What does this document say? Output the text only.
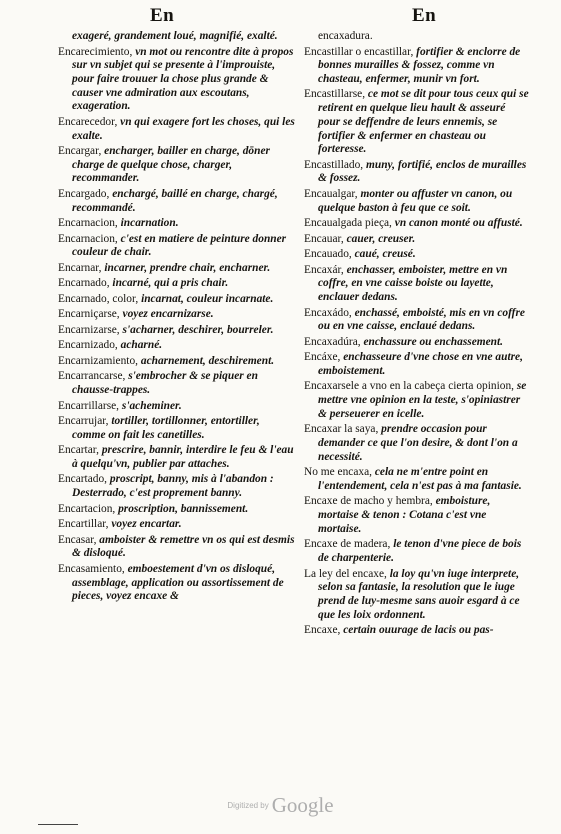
En	En

exageré, grandement loué, magnifié, exalté.

Encarecimiento, vn mot ou rencontre dite à propos sur vn subjet qui se presente à l'improuiste, pour faire trouuer la chose plus grande & causer vne admiration aux escoutans, exageration.

Encarecedor, vn qui exagere fort les choses, qui les exalte.

Encargar, encharger, bailler en charge, dōner charge de quelque chose, charger, recommander.

Encargado, enchargé, baillé en charge, chargé, recommandé.

Encarnacion, incarnation.

Encarnacion, c'est en matiere de peinture donner couleur de chair.

Encarnar, incarner, prendre chair, encharner.

Encarnado, incarné, qui a pris chair.

Encarnado, color, incarnat, couleur incarnate.

Encarniçarse, voyez encarnizarse.

Encarnizarse, s'acharner, deschirer, bourreler.

Encarnizado, acharné.

Encarnizamiento, acharnement, deschirement.

Encarrancarse, s'embrocher & se piquer en chausse-trappes.

Encarrillarse, s'acheminer.

Encarrujar, tortiller, tortillonner, entortiller, comme on fait les canetilles.

Encartar, prescrire, bannir, interdire le feu & l'eau à quelqu'vn, publier par attaches.

Encartado, proscript, banny, mis à l'abandon : Desterrado, c'est proprement banny.

Encartacion, proscription, bannissement.

Encartillar, voyez encartar.

Encasar, amboister & remettre vn os qui est desmis & disloqué.

Encasamiento, emboestement d'vn os disloqué, assemblage, application ou assortissement de pieces, voyez encaxe &

encaxadura.

Encastillar o encastillar, fortifier & enclorre de bonnes murailles & fossez, comme vn chasteau, enfermer, munir vn fort.

Encastillarse, ce mot se dit pour tous ceux qui se retirent en quelque lieu hault & asseuré pour se deffendre de leurs ennemis, se fortifier & enfermer en chasteau ou forteresse.

Encastillado, muny, fortifié, enclos de murailles & fossez.

Encaualgar, monter ou affuster vn canon, ou quelque baston à feu que ce soit.

Encaualgada pieça, vn canon monté ou affusté.

Encauar, cauer, creuser.

Encauado, caué, creusé.

Encaxár, enchasser, emboister, mettre en vn coffre, en vne caisse boiste ou layette, enclauer dedans.

Encaxádo, enchassé, emboisté, mis en vn coffre ou en vne caisse, enclaué dedans.

Encaxadúra, enchassure ou enchassement.

Encáxe, enchasseure d'vne chose en vne autre, emboistement.

Encaxarsele a vno en la cabeça cierta opinion, se mettre vne opinion en la teste, s'opiniastrer & perseuerer en icelle.

Encaxar la saya, prendre occasion pour demander ce que l'on desire, & dont l'on a necessité.

No me encaxa, cela ne m'entre point en l'entendement, cela n'est pas à ma fantasie.

Encaxe de macho y hembra, emboisture, mortaise & tenon : Cotana c'est vne mortaise.

Encaxe de madera, le tenon d'vne piece de bois de charpenterie.

La ley del encaxe, la loy qu'vn iuge interprete, selon sa fantasie, la resolution que le iuge prend de luy-mesme sans auoir esgard à ce que les loix ordonnent.

Encaxe, certain ouurage de lacis ou pas-

Digitized by Google
